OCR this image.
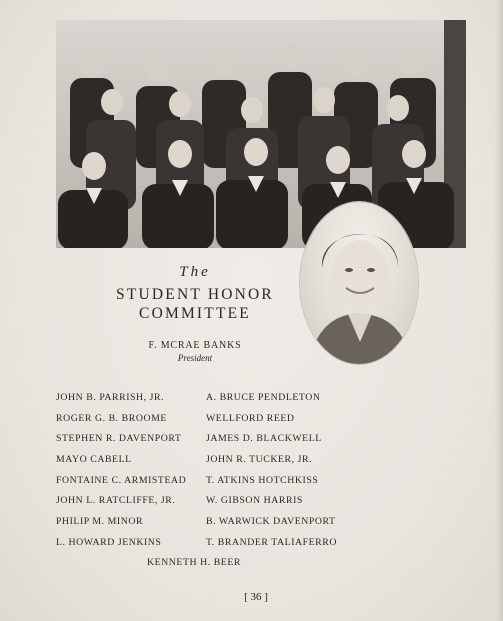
The
STUDENT HONOR
COMMITTEE
F. MCRAE BANKS
President
JOHN B. PARRISH, JR.
ROGER G. B. BROOME
STEPHEN R. DAVENPORT
MAYO CABELL
FONTAINE C. ARMISTEAD
JOHN L. RATCLIFFE, JR.
PHILIP M. MINOR
L. HOWARD JENKINS
A. BRUCE PENDLETON
WELLFORD REED
JAMES D. BLACKWELL
JOHN R. TUCKER, JR.
T. ATKINS HOTCHKISS
W. GIBSON HARRIS
B. WARWICK DAVENPORT
T. BRANDER TALIAFERRO
KENNETH H. BEER
[ 36 ]
